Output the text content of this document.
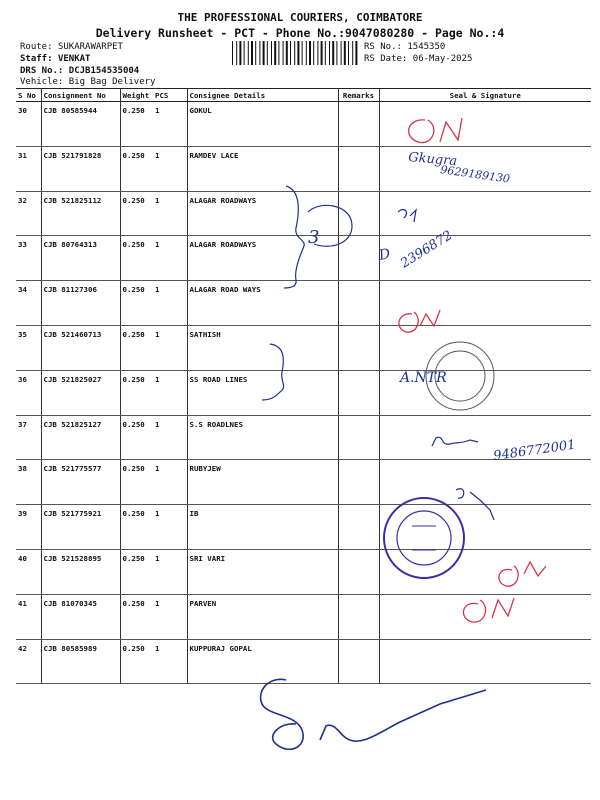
THE PROFESSIONAL COURIERS, COIMBATORE
Delivery Runsheet - PCT - Phone No.:9047080280 - Page No.:4
Route: SUKARAWARPET
Staff: VENKAT
DRS No.: DCJB154535004
Vehicle: Big Bag Delivery
RS No.: 1545350
RS Date: 06-May-2025
S No	Consignment No	Weight	PCS	Consignee Details	Remarks	Seal & Signature
30	CJB 80585944	0.250	1	GOKUL		
31	CJB 521791828	0.250	1	RAMDEV LACE		
32	CJB 521825112	0.250	1	ALAGAR ROADWAYS		
33	CJB 80764313	0.250	1	ALAGAR ROADWAYS		
34	CJB 81127306	0.250	1	ALAGAR ROAD WAYS		
35	CJB 521460713	0.250	1	SATHISH		
36	CJB 521825027	0.250	1	SS ROAD LINES		
37	CJB 521825127	0.250	1	S.S ROADLNES		
38	CJB 521775577	0.250	1	RUBYJEW		
39	CJB 521775921	0.250	1	IB		
40	CJB 521528895	0.250	1	SRI VARI		
41	CJB 81070345	0.250	1	PARVEN		
42	CJB 80585989	0.250	1	KUPPURAJ GOPAL		
Gkugra
9629189130
3
D 2396872
A.NTR
9486772001
